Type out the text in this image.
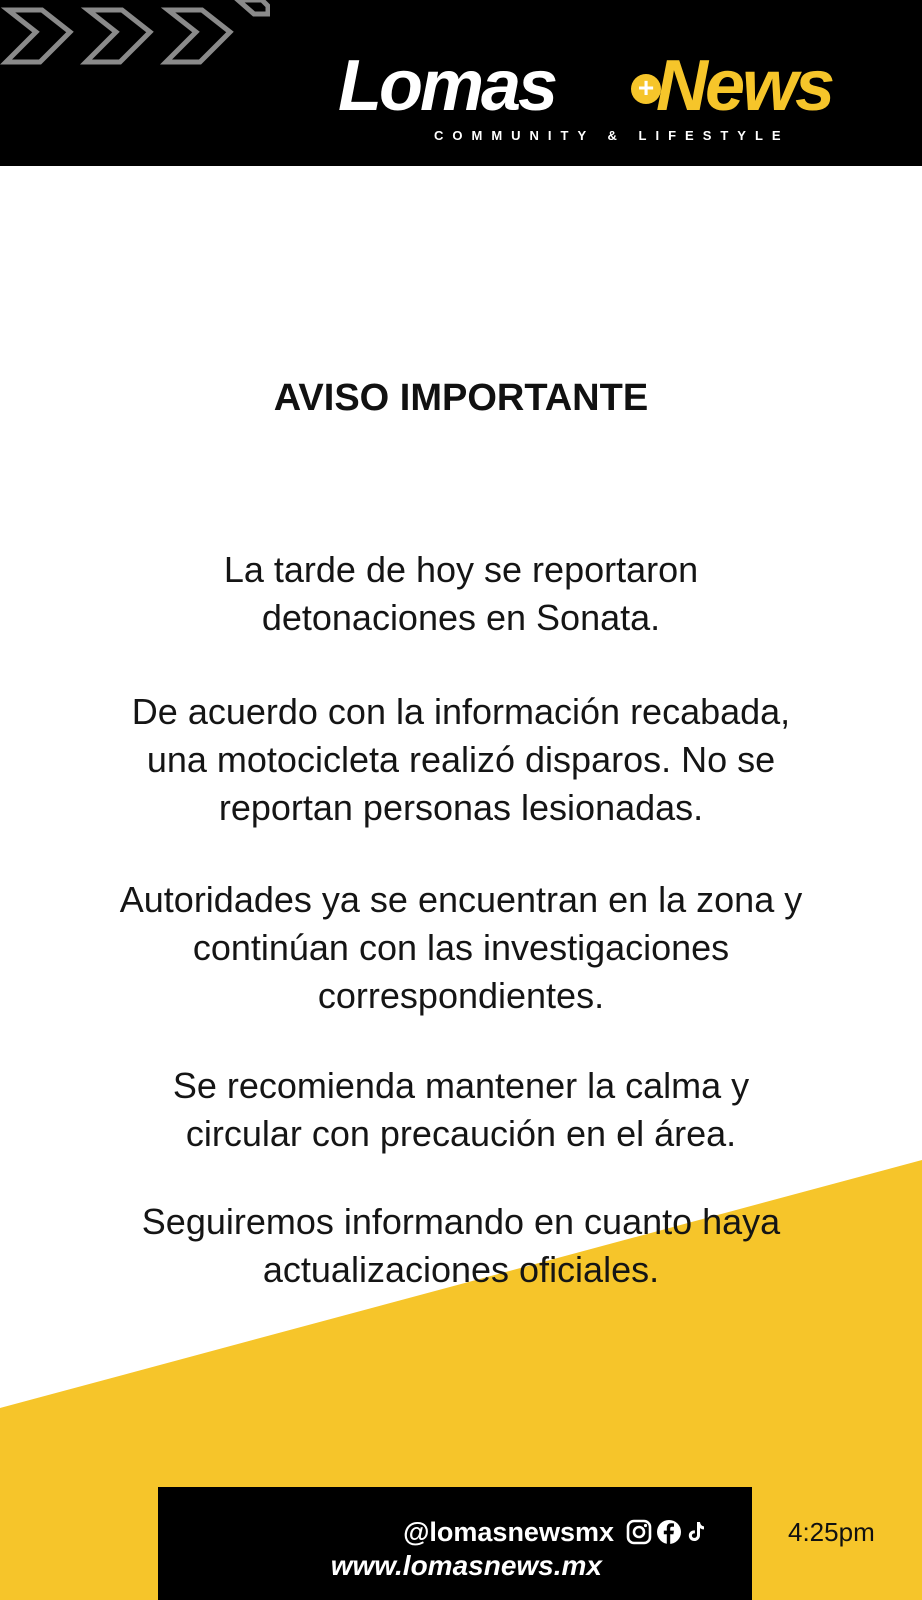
Lomas	+ News
COMMUNITY & LIFESTYLE
AVISO IMPORTANTE
La tarde de hoy se reportaron
detonaciones en Sonata.
De acuerdo con la información recabada,
una motocicleta realizó disparos. No se
reportan personas lesionadas.
Autoridades ya se encuentran en la zona y
continúan con las investigaciones
correspondientes.
Se recomienda mantener la calma y
circular con precaución en el área.
Seguiremos informando en cuanto haya
actualizaciones oficiales.
@lomasnewsmx
www.lomasnews.mx
4:25pm
